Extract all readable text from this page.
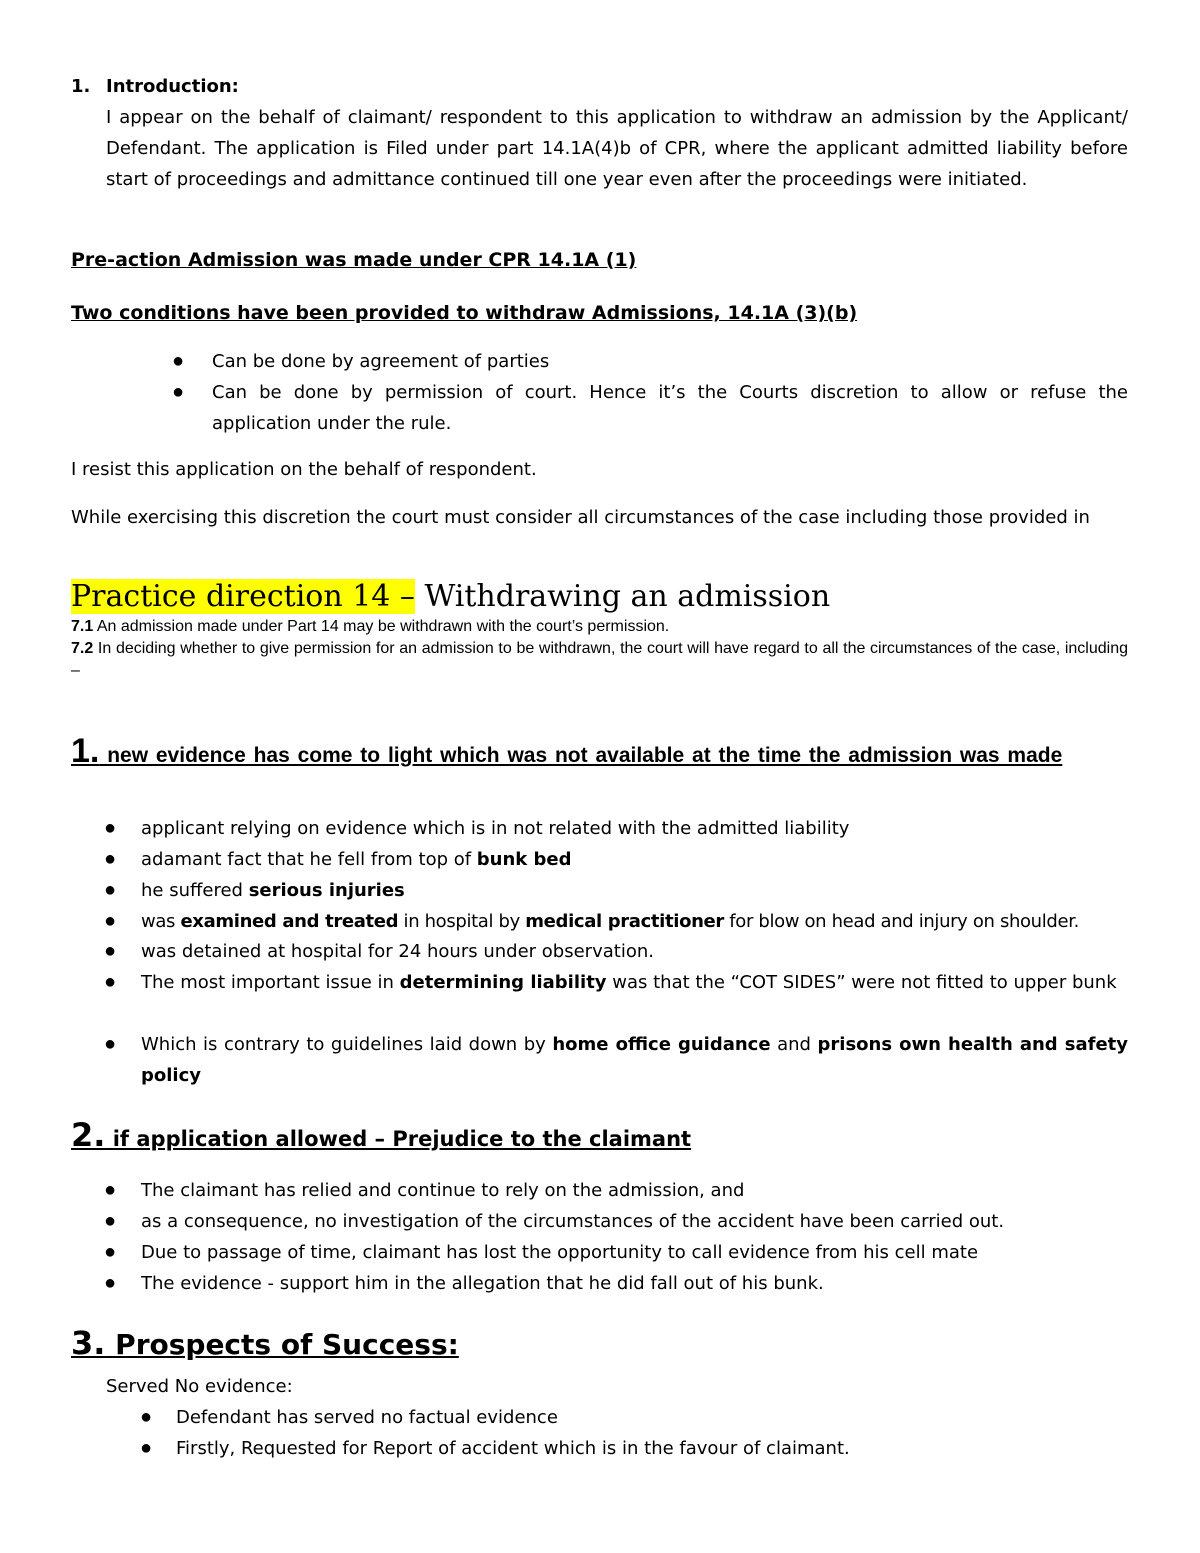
1. Introduction:
I appear on the behalf of claimant/ respondent to this application to withdraw an admission by the Applicant/ Defendant. The application is Filed under part 14.1A(4)b of CPR, where the applicant admitted liability before start of proceedings and admittance continued till one year even after the proceedings were initiated.
Pre-action Admission was made under CPR 14.1A (1)
Two conditions have been provided to withdraw Admissions, 14.1A (3)(b)
● Can be done by agreement of parties
● Can be done by permission of court. Hence it’s the Courts discretion to allow or refuse the application under the rule.
I resist this application on the behalf of respondent.
While exercising this discretion the court must consider all circumstances of the case including those provided in
Practice direction 14 – Withdrawing an admission
7.1 An admission made under Part 14 may be withdrawn with the court’s permission.
7.2 In deciding whether to give permission for an admission to be withdrawn, the court will have regard to all the circumstances of the case, including –
1. new evidence has come to light which was not available at the time the admission was made
● applicant relying on evidence which is in not related with the admitted liability
● adamant fact that he fell from top of bunk bed
● he suffered serious injuries
● was examined and treated in hospital by medical practitioner for blow on head and injury on shoulder.
● was detained at hospital for 24 hours under observation.
● The most important issue in determining liability was that the “COT SIDES” were not fitted to upper bunk
● Which is contrary to guidelines laid down by home office guidance and prisons own health and safety policy
2. if application allowed – Prejudice to the claimant
● The claimant has relied and continue to rely on the admission, and
● as a consequence, no investigation of the circumstances of the accident have been carried out.
● Due to passage of time, claimant has lost the opportunity to call evidence from his cell mate
● The evidence - support him in the allegation that he did fall out of his bunk.
3. Prospects of Success:
Served No evidence:
● Defendant has served no factual evidence
● Firstly, Requested for Report of accident which is in the favour of claimant.
